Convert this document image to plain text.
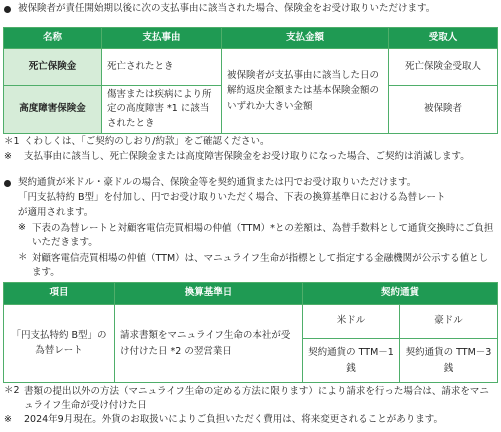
被保険者が責任開始期以後に次の支払事由に該当された場合、保険金をお受け取りいただけます。
名称	支払事由	支払金額	受取人
死亡保険金	死亡されたとき	被保険者が支払事由に該当した日の解約返戻金額または基本保険金額のいずれか大きい金額	死亡保険金受取人
高度障害保険金	傷害または疾病により所定の高度障害 *1 に該当されたとき		被保険者
＊1 くわしくは、「ご契約のしおり/約款」をご確認ください。
※ 支払事由に該当し、死亡保険金または高度障害保険金をお受け取りになった場合、ご契約は消滅します。
契約通貨が米ドル・豪ドルの場合、保険金等を契約通貨または円でお受け取りいただけます。
「円支払特約 B型」を付加し、円でお受け取りいただく場合、下表の換算基準日における為替レート
が適用されます。
※ 下表の為替レートと対顧客電信売買相場の仲値（TTM）*との差額は、為替手数料として通貨交換時にご負担いただきます。
＊ 対顧客電信売買相場の仲値（TTM）は、マニュライフ生命が指標として指定する金融機関が公示する値とします。
項目	換算基準日	契約通貨	
「円支払特約 B型」の為替レート	請求書類をマニュライフ生命の本社が受け付けた日 *2 の翌営業日	米ドル	豪ドル
		契約通貨の TTM－1銭	契約通貨の TTM－3銭
＊2 書類の提出以外の方法（マニュライフ生命の定める方法に限ります）により請求を行った場合は、請求をマニュライフ生命が受け付けた日
※ 2024年9月現在。外貨のお取扱いによりご負担いただく費用は、将来変更されることがあります。
